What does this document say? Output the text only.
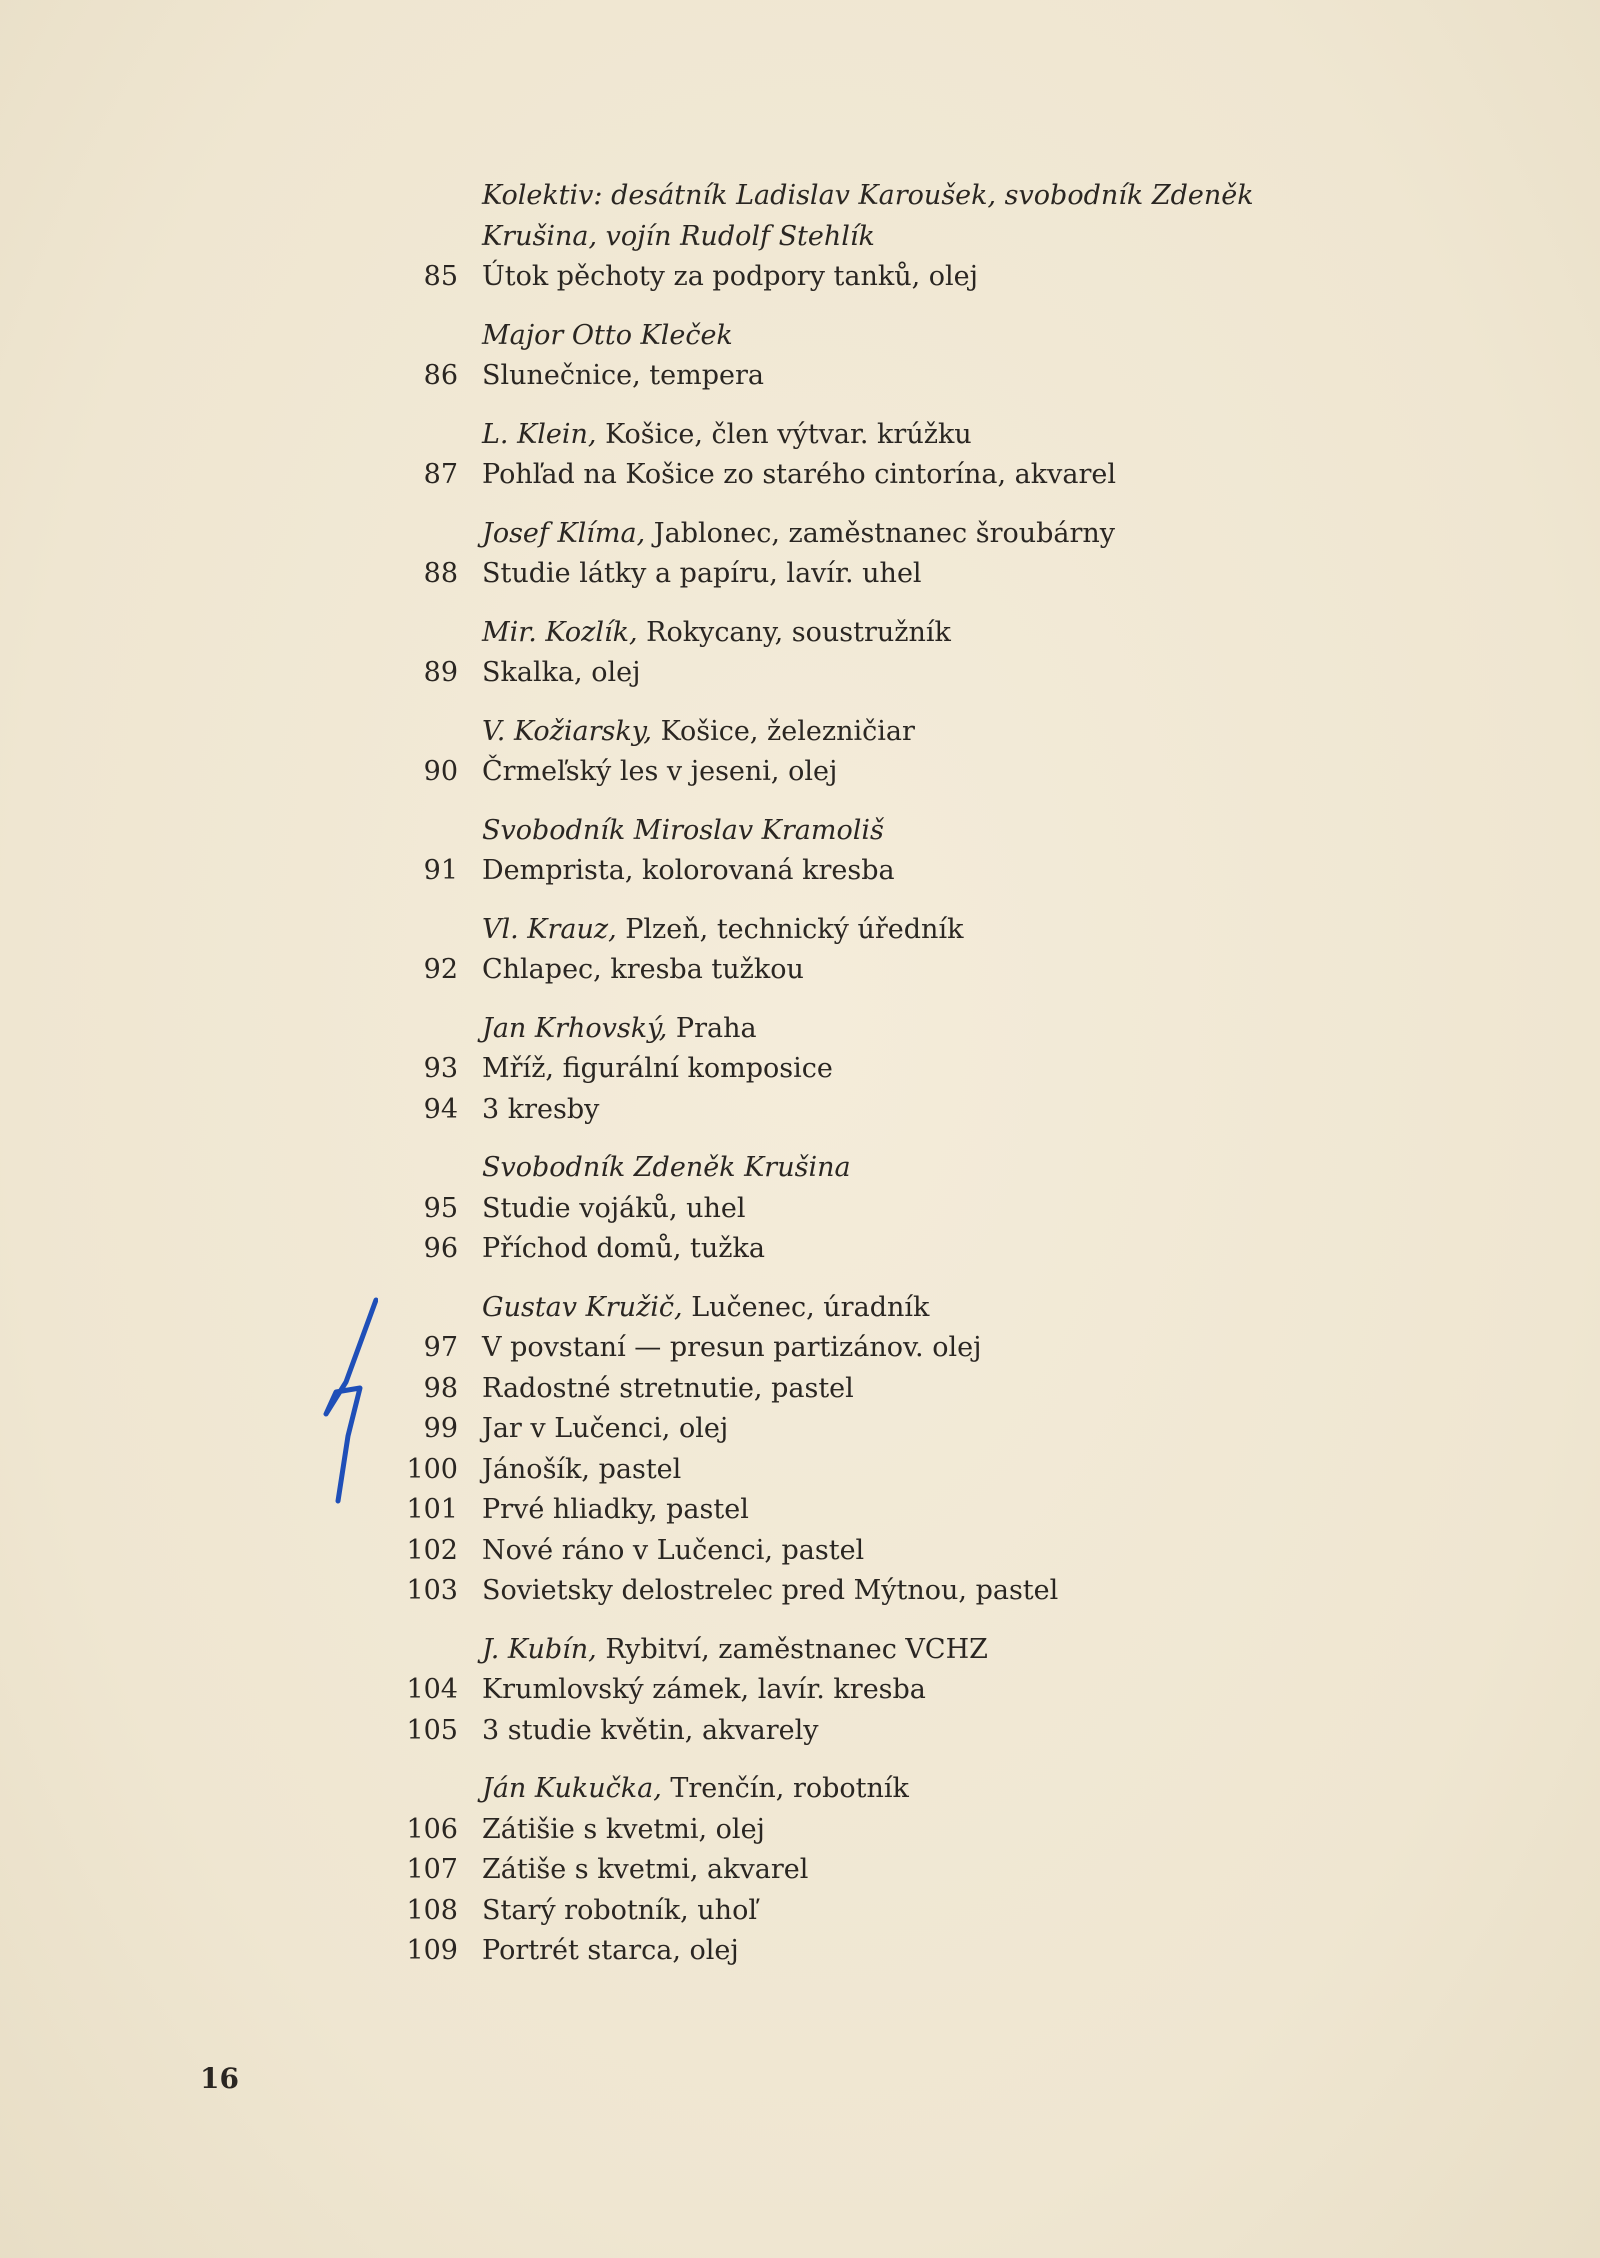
Kolektiv: desátník Ladislav Karoušek, svobodník Zdeněk
Krušina, vojín Rudolf Stehlík
85 Útok pěchoty za podpory tanků, olej
Major Otto Kleček
86 Slunečnice, tempera
L. Klein, Košice, člen výtvar. krúžku
87 Pohľad na Košice zo starého cintorína, akvarel
Josef Klíma, Jablonec, zaměstnanec šroubárny
88 Studie látky a papíru, lavír. uhel
Mir. Kozlík, Rokycany, soustružník
89 Skalka, olej
V. Kožiarsky, Košice, železničiar
90 Črmeľský les v jeseni, olej
Svobodník Miroslav Kramoliš
91 Demprista, kolorovaná kresba
Vl. Krauz, Plzeň, technický úředník
92 Chlapec, kresba tužkou
Jan Krhovský, Praha
93 Mříž, figurální komposice
94 3 kresby
Svobodník Zdeněk Krušina
95 Studie vojáků, uhel
96 Příchod domů, tužka
Gustav Kružič, Lučenec, úradník
97 V povstaní — presun partizánov. olej
98 Radostné stretnutie, pastel
99 Jar v Lučenci, olej
100 Jánošík, pastel
101 Prvé hliadky, pastel
102 Nové ráno v Lučenci, pastel
103 Sovietsky delostrelec pred Mýtnou, pastel
J. Kubín, Rybitví, zaměstnanec VCHZ
104 Krumlovský zámek, lavír. kresba
105 3 studie květin, akvarely
Ján Kukučka, Trenčín, robotník
106 Zátišie s kvetmi, olej
107 Zátiše s kvetmi, akvarel
108 Starý robotník, uhoľ
109 Portrét starca, olej
16
